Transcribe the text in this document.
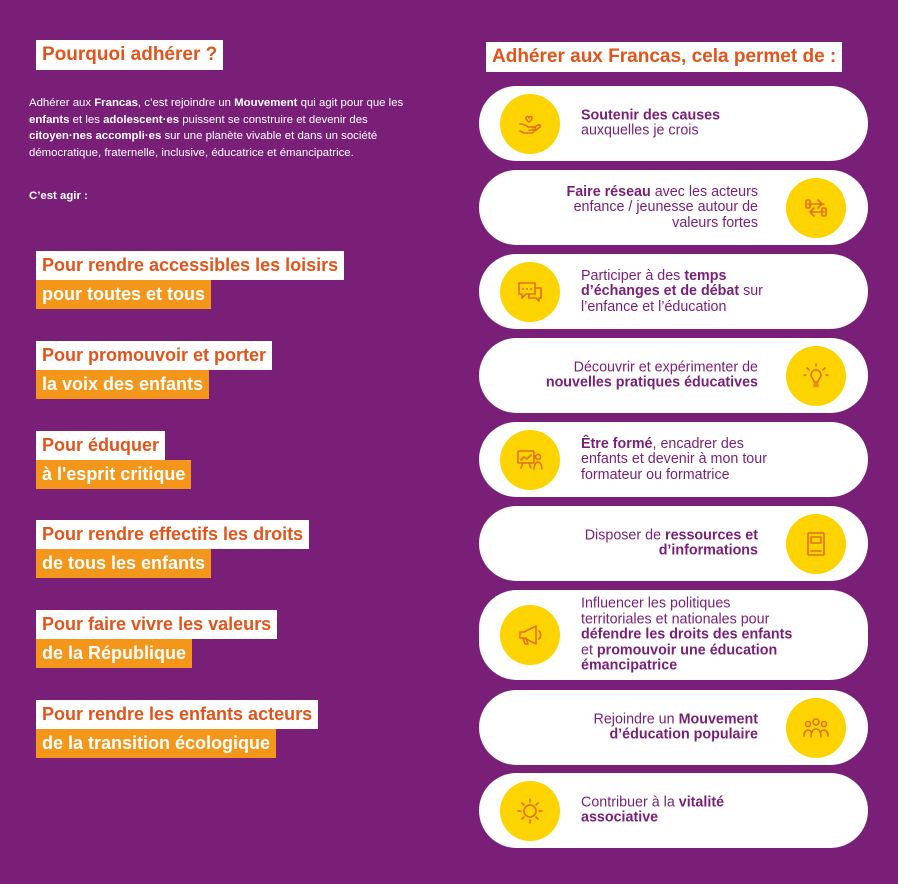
Pourquoi adhérer ?
Adhérer aux Francas, c’est rejoindre un Mouvement qui agit pour que les enfants et les adolescent·es puissent se construire et devenir des citoyen·nes accompli·es sur une planète vivable et dans un société démocratique, fraternelle, inclusive, éducatrice et émancipatrice.
C’est agir :
Pour rendre accessibles les loisirs
pour toutes et tous
Pour promouvoir et porter
la voix des enfants
Pour éduquer
à l'esprit critique
Pour rendre effectifs les droits
de tous les enfants
Pour faire vivre les valeurs
de la République
Pour rendre les enfants acteurs
de la transition écologique
Adhérer aux Francas, cela permet de :
Soutenir des causes
auxquelles je crois
Faire réseau avec les acteurs
enfance / jeunesse autour de
valeurs fortes
Participer à des temps
d’échanges et de débat sur
l’enfance et l’éducation
Découvrir et expérimenter de
nouvelles pratiques éducatives
Être formé, encadrer des
enfants et devenir à mon tour
formateur ou formatrice
Disposer de ressources et
d’informations
Influencer les politiques
territoriales et nationales pour
défendre les droits des enfants
et promouvoir une éducation
émancipatrice
Rejoindre un Mouvement
d’éducation populaire
Contribuer à la vitalité
associative
